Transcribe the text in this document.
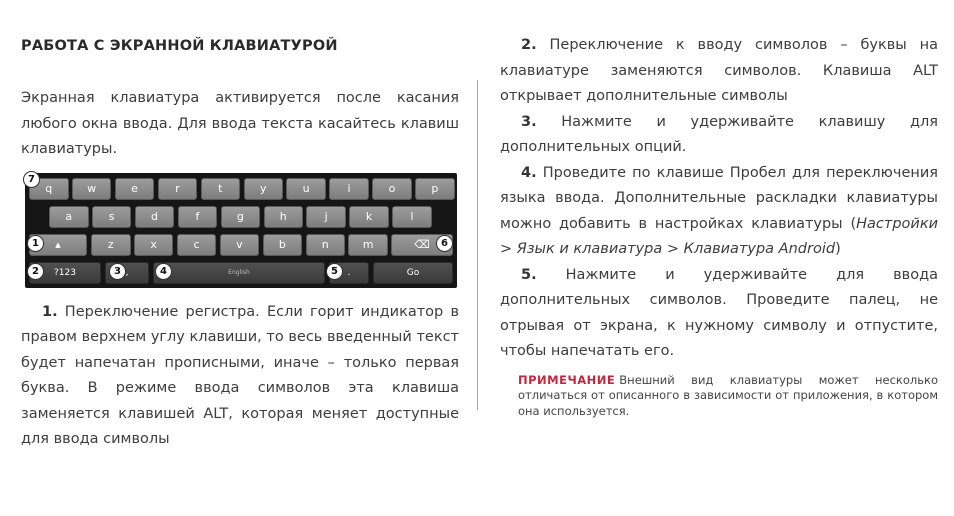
РАБОТА С ЭКРАННОЙ КЛАВИАТУРОЙ

Экранная клавиатура активируется после касания любого окна ввода. Для ввода текста касайтесь клавиш клавиатуры.

q	w	e	r	t	y	u	i	o	p
a	s	d	f	g	h	j	k	l
▴	z	x	c	v	b	n	m	⌫
?123	,	English	.	Go
7
1	6
2	3	4	5

1. Переключение регистра. Если горит индикатор в правом верхнем углу клавиши, то весь введенный текст будет напечатан прописными, иначе – только первая буква. В режиме ввода символов эта клавиша заменяется клавишей ALT, которая меняет доступные для ввода символы

2. Переключение к вводу символов – буквы на клавиатуре заменяются символов. Клавиша ALT открывает дополнительные символы

3. Нажмите и удерживайте клавишу для дополнительных опций.

4. Проведите по клавише Пробел для переключения языка ввода. Дополнительные раскладки клавиатуры можно добавить в настройках клавиатуры (Настройки > Язык и клавиатура > Клавиатура Android)

5. Нажмите и удерживайте для ввода дополнительных символов. Проведите палец, не отрывая от экрана, к нужному символу и отпустите, чтобы напечатать его.

ПРИМЕЧАНИЕ Внешний вид клавиатуры может несколько отличаться от описанного в зависимости от приложения, в котором она используется.
